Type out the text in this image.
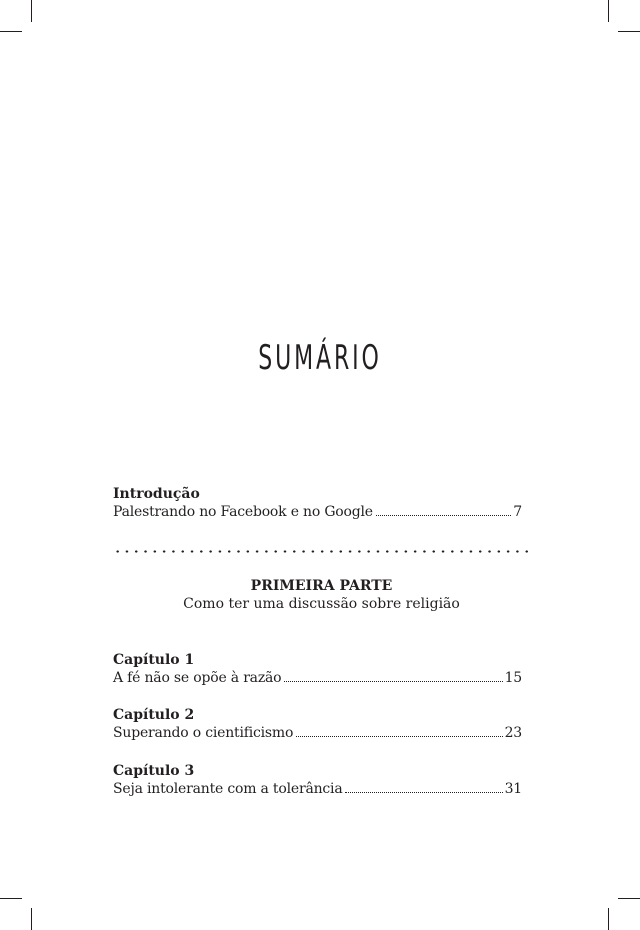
SUMÁRIO
Introdução
Palestrando no Facebook e no Google	7
PRIMEIRA PARTE
Como ter uma discussão sobre religião
Capítulo 1
A fé não se opõe à razão	15
Capítulo 2
Superando o cientificismo	23
Capítulo 3
Seja intolerante com a tolerância	31
